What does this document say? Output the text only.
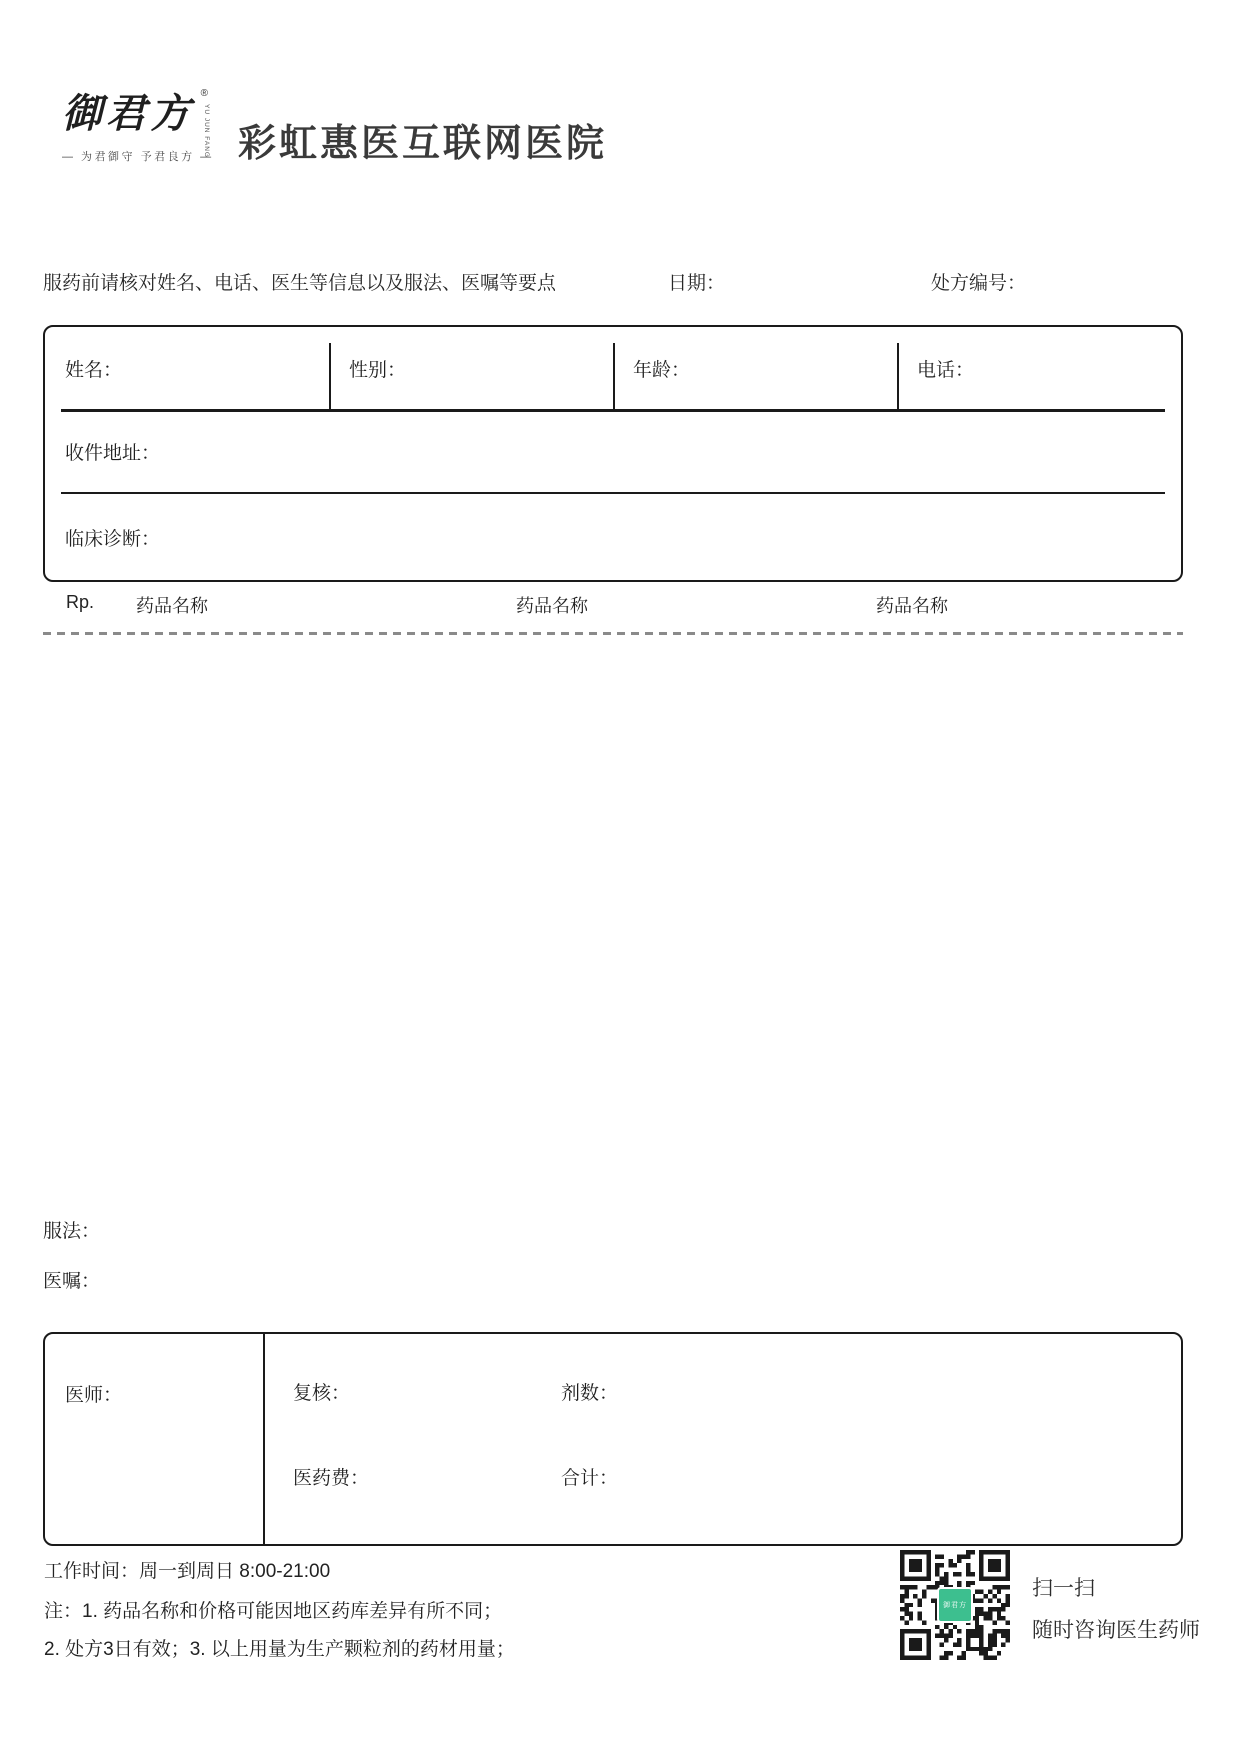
御君方 ®
YU JUN FANG
— 为君御守 予君良方 — 彩虹惠医互联网医院
服药前请核对姓名、电话、医生等信息以及服法、医嘱等要点	日期：	处方编号：
姓名：	性别：	年龄：	电话：
收件地址：
临床诊断：
Rp. 药品名称	药品名称	药品名称
服法：
医嘱：
医师：	复核：	剂数：
医药费：	合计：
工作时间：周一到周日 8:00-21:00
注：1. 药品名称和价格可能因地区药库差异有所不同；
2. 处方3日有效；3. 以上用量为生产颗粒剂的药材用量；
御君方
扫一扫
随时咨询医生药师
